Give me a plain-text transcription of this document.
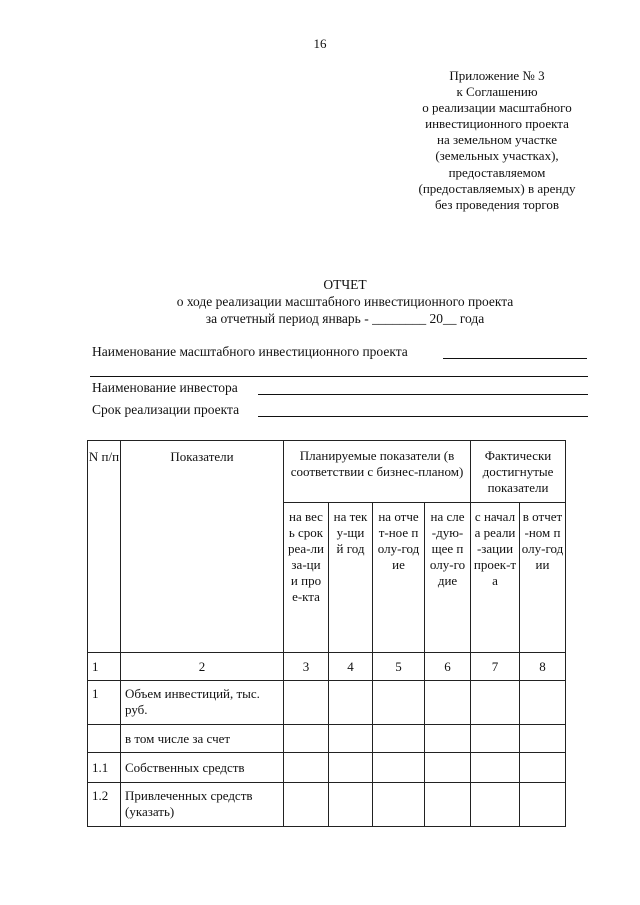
16
Приложение № 3
к Соглашению
о реализации масштабного
инвестиционного проекта
на земельном участке
(земельных участках),
предоставляемом
(предоставляемых) в аренду
без проведения торгов
ОТЧЕТ
о ходе реализации масштабного инвестиционного проекта
за отчетный период январь - ________ 20__ года
Наименование масштабного инвестиционного проекта
Наименование инвестора
Срок реализации проекта
N п/п	Показатели	Планируемые показатели (в соответствии с бизнес-планом)				Фактически достигнутые показатели	

		на весь срок реа-лиза-ции прое-кта	на теку-щий год	на отчет-ное полу-годие	на сле-дую-щее полу-годие	с начала реали-зации проек-та	в отчет-ном полу-годии

1	2	3	4	5	6	7	8
1	Объем инвестиций, тыс. руб.						
	в том числе за счет						
1.1	Собственных средств						
1.2	Привлеченных средств (указать)						
